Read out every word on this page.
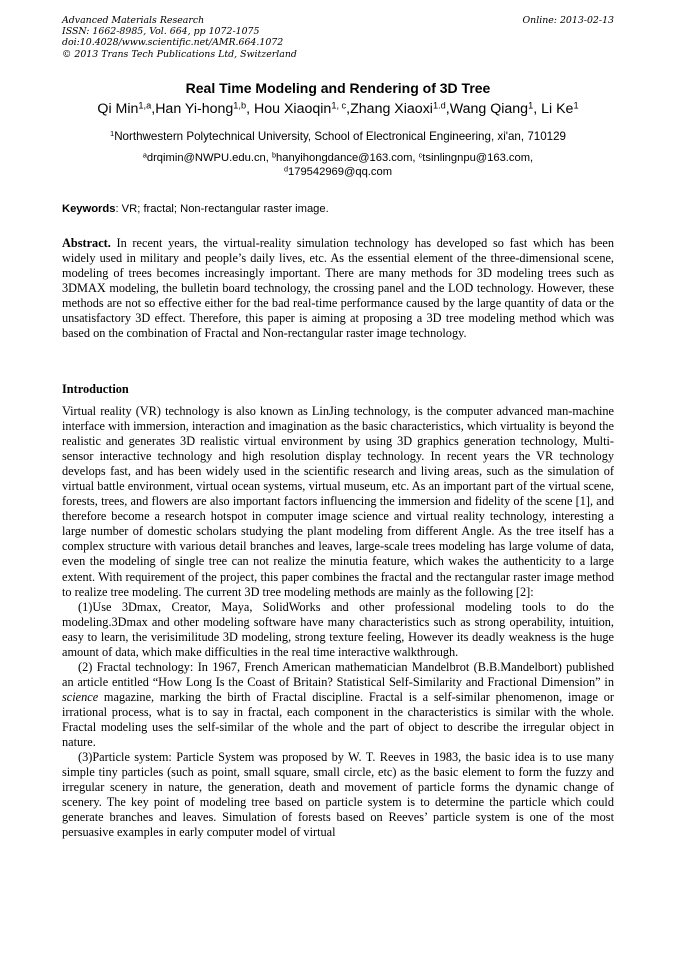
Advanced Materials Research
ISSN: 1662-8985, Vol. 664, pp 1072-1075
doi:10.4028/www.scientific.net/AMR.664.1072
© 2013 Trans Tech Publications Ltd, Switzerland
Online: 2013-02-13
Real Time Modeling and Rendering of 3D Tree
Qi Min$^{1,a}$,Han Yi-hong$^{1,b}$, Hou Xiaoqin$^{1, c}$,Zhang Xiaoxi$^{1.d}$,Wang Qiang$^1$, Li Ke$^1$
$^1$Northwestern Polytechnical University, School of Electronical Engineering, xi'an, 710129
$^a$drqimin@NWPU.edu.cn, $^b$hanyihongdance@163.com, $^c$tsinlingnpu@163.com,
$^d$179542969@qq.com
Keywords: VR; fractal; Non-rectangular raster image.
Abstract. In recent years, the virtual-reality simulation technology has developed so fast which has been widely used in military and people’s daily lives, etc. As the essential element of the three-dimensional scene, modeling of trees becomes increasingly important. There are many methods for 3D modeling trees such as 3DMAX modeling, the bulletin board technology, the crossing panel and the LOD technology. However, these methods are not so effective either for the bad real-time performance caused by the large quantity of data or the unsatisfactory 3D effect. Therefore, this paper is aiming at proposing a 3D tree modeling method which was based on the combination of Fractal and Non-rectangular raster image technology.
Introduction

Virtual reality (VR) technology is also known as LinJing technology, is the computer advanced man-machine interface with immersion, interaction and imagination as the basic characteristics, which virtuality is beyond the realistic and generates 3D realistic virtual environment by using 3D graphics generation technology, Multi-sensor interactive technology and high resolution display technology. In recent years the VR technology develops fast, and has been widely used in the scientific research and living areas, such as the simulation of virtual battle environment, virtual ocean systems, virtual museum, etc. As an important part of the virtual scene, forests, trees, and flowers are also important factors influencing the immersion and fidelity of the scene [1], and therefore become a research hotspot in computer image science and virtual reality technology, interesting a large number of domestic scholars studying the plant modeling from different Angle. As the tree itself has a complex structure with various detail branches and leaves, large-scale trees modeling has large volume of data, even the modeling of single tree can not realize the minutia feature, which wakes the authenticity to a large extent. With requirement of the project, this paper combines the fractal and the rectangular raster image method to realize tree modeling. The current 3D tree modeling methods are mainly as the following [2]:

(1)Use 3Dmax, Creator, Maya, SolidWorks and other professional modeling tools to do the modeling.3Dmax and other modeling software have many characteristics such as strong operability, intuition, easy to learn, the verisimilitude 3D modeling, strong texture feeling, However its deadly weakness is the huge amount of data, which make difficulties in the real time interactive walkthrough.

(2) Fractal technology: In 1967, French American mathematician Mandelbrot (B.B.Mandelbort) published an article entitled “How Long Is the Coast of Britain? Statistical Self-Similarity and Fractional Dimension” in science magazine, marking the birth of Fractal discipline. Fractal is a self-similar phenomenon, image or irrational process, what is to say in fractal, each component in the characteristics is similar with the whole. Fractal modeling uses the self-similar of the whole and the part of object to describe the irregular object in nature.

(3)Particle system: Particle System was proposed by W. T. Reeves in 1983, the basic idea is to use many simple tiny particles (such as point, small square, small circle, etc) as the basic element to form the fuzzy and irregular scenery in nature, the generation, death and movement of particle forms the dynamic change of scenery. The key point of modeling tree based on particle system is to determine the particle which could generate branches and leaves. Simulation of forests based on Reeves’ particle system is one of the most persuasive examples in early computer model of virtual
